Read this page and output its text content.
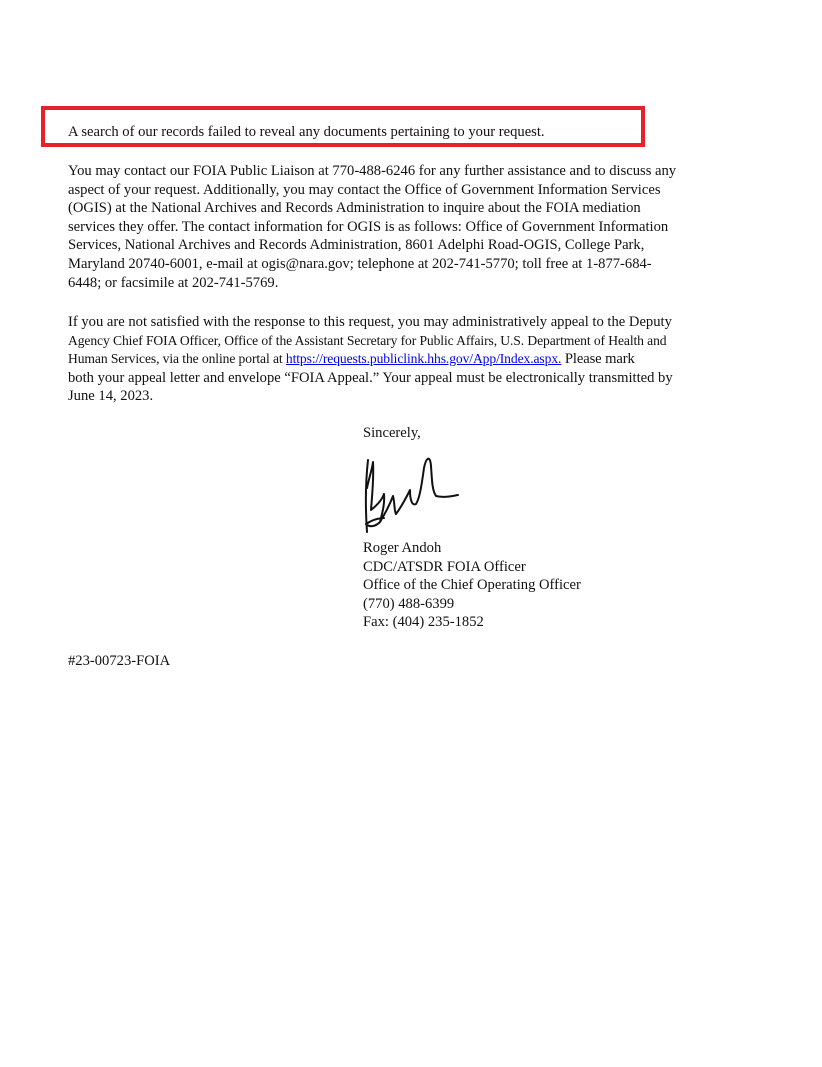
A search of our records failed to reveal any documents pertaining to your request.
You may contact our FOIA Public Liaison at 770-488-6246 for any further assistance and to discuss any
aspect of your request. Additionally, you may contact the Office of Government Information Services
(OGIS) at the National Archives and Records Administration to inquire about the FOIA mediation
services they offer. The contact information for OGIS is as follows: Office of Government Information
Services, National Archives and Records Administration, 8601 Adelphi Road-OGIS, College Park,
Maryland 20740-6001, e-mail at ogis@nara.gov; telephone at 202-741-5770; toll free at 1-877-684-
6448; or facsimile at 202-741-5769.
If you are not satisfied with the response to this request, you may administratively appeal to the Deputy
Agency Chief FOIA Officer, Office of the Assistant Secretary for Public Affairs, U.S. Department of Health and
Human Services, via the online portal at https://requests.publiclink.hhs.gov/App/Index.aspx. Please mark
both your appeal letter and envelope “FOIA Appeal.” Your appeal must be electronically transmitted by
June 14, 2023.
Sincerely,
Roger Andoh
CDC/ATSDR FOIA Officer
Office of the Chief Operating Officer
(770) 488-6399
Fax: (404) 235-1852
#23-00723-FOIA
